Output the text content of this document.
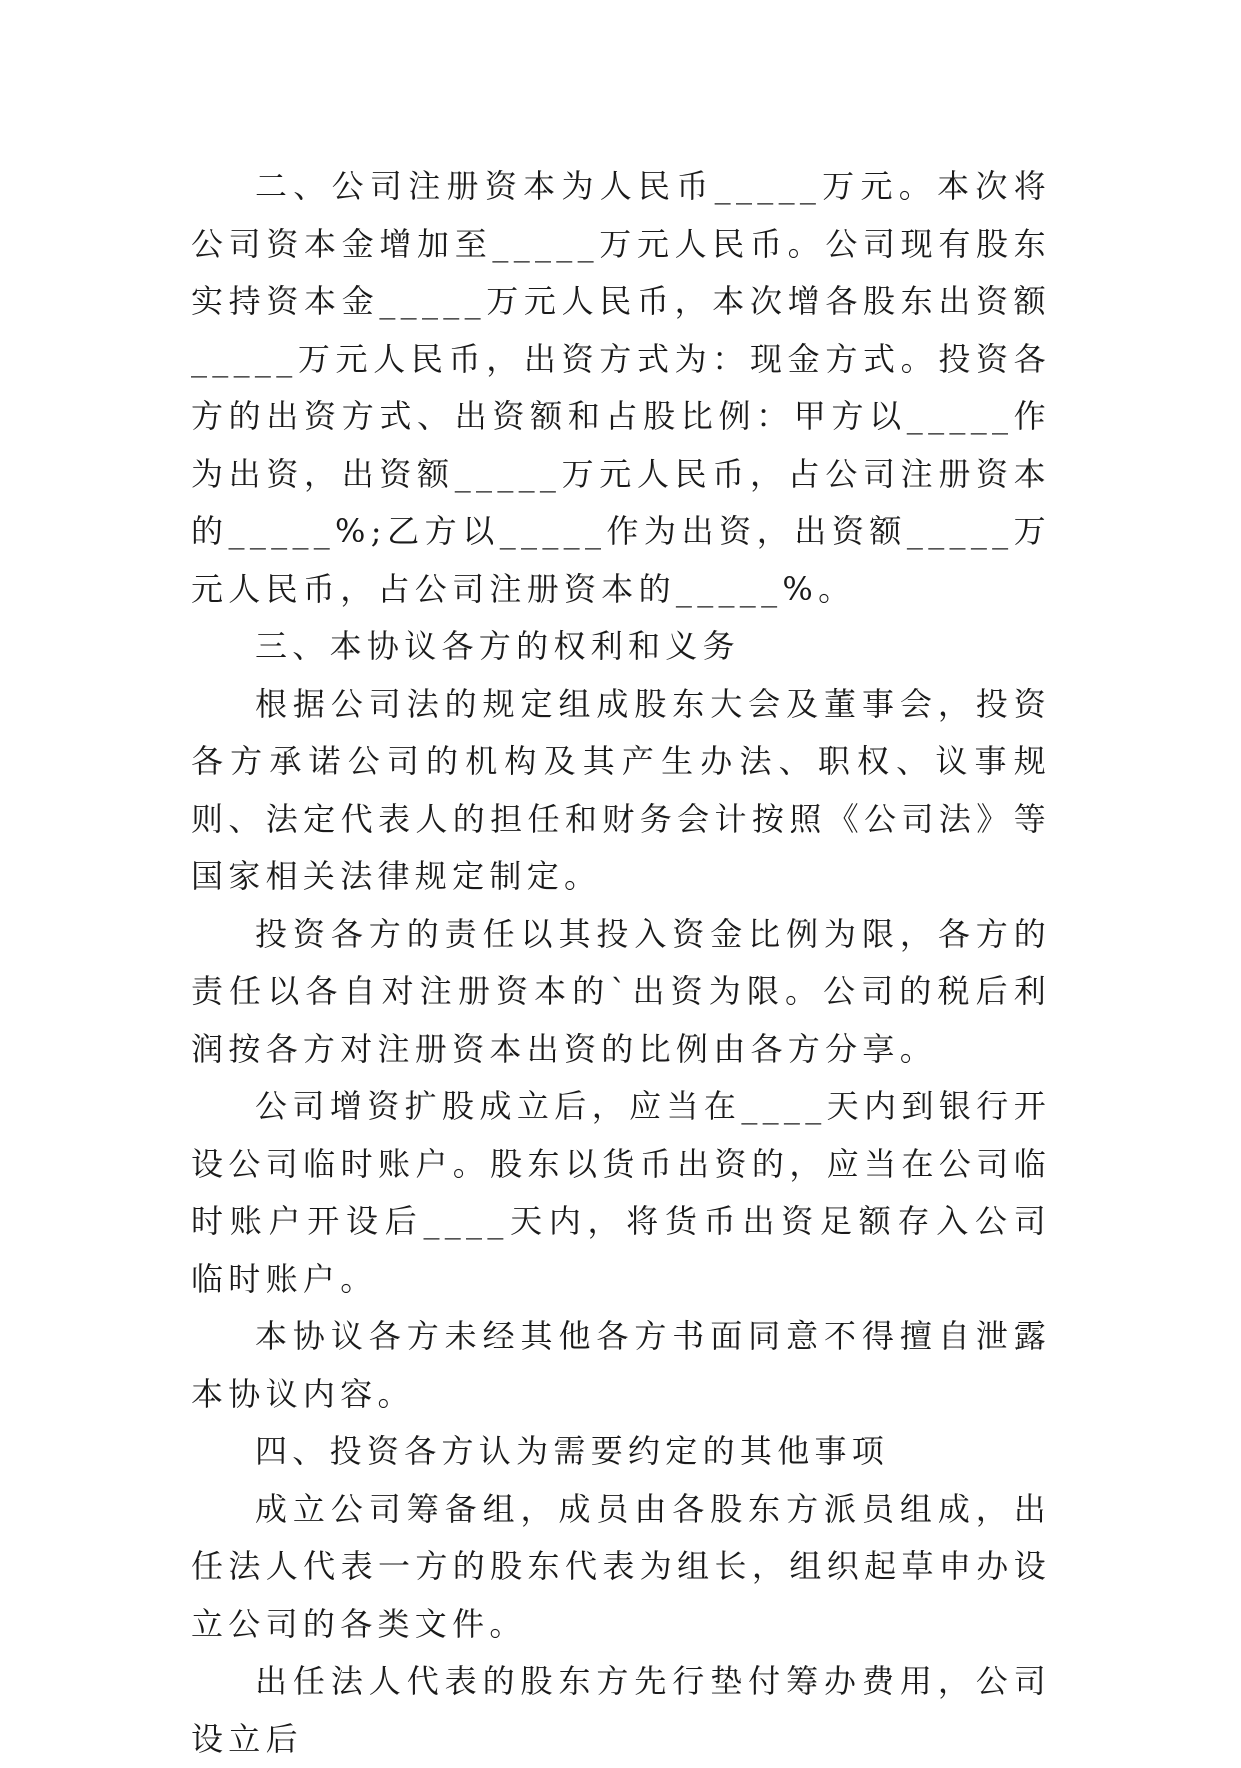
二、公司注册资本为人民币_____万元。本次将公司资本金增加至_____万元人民币。公司现有股东实持资本金_____万元人民币，本次增各股东出资额_____万元人民币，出资方式为：现金方式。投资各方的出资方式、出资额和占股比例：甲方以_____作为出资，出资额_____万元人民币，占公司注册资本的_____%;乙方以_____作为出资，出资额_____万元人民币，占公司注册资本的_____%。

三、本协议各方的权利和义务

根据公司法的规定组成股东大会及董事会，投资各方承诺公司的机构及其产生办法、职权、议事规则、法定代表人的担任和财务会计按照《公司法》等国家相关法律规定制定。

投资各方的责任以其投入资金比例为限，各方的责任以各自对注册资本的`出资为限。公司的税后利润按各方对注册资本出资的比例由各方分享。

公司增资扩股成立后，应当在____天内到银行开设公司临时账户。股东以货币出资的，应当在公司临时账户开设后____天内，将货币出资足额存入公司临时账户。

本协议各方未经其他各方书面同意不得擅自泄露本协议内容。

四、投资各方认为需要约定的其他事项

成立公司筹备组，成员由各股东方派员组成，出任法人代表一方的股东代表为组长，组织起草申办设立公司的各类文件。

出任法人代表的股东方先行垫付筹办费用，公司设立后
